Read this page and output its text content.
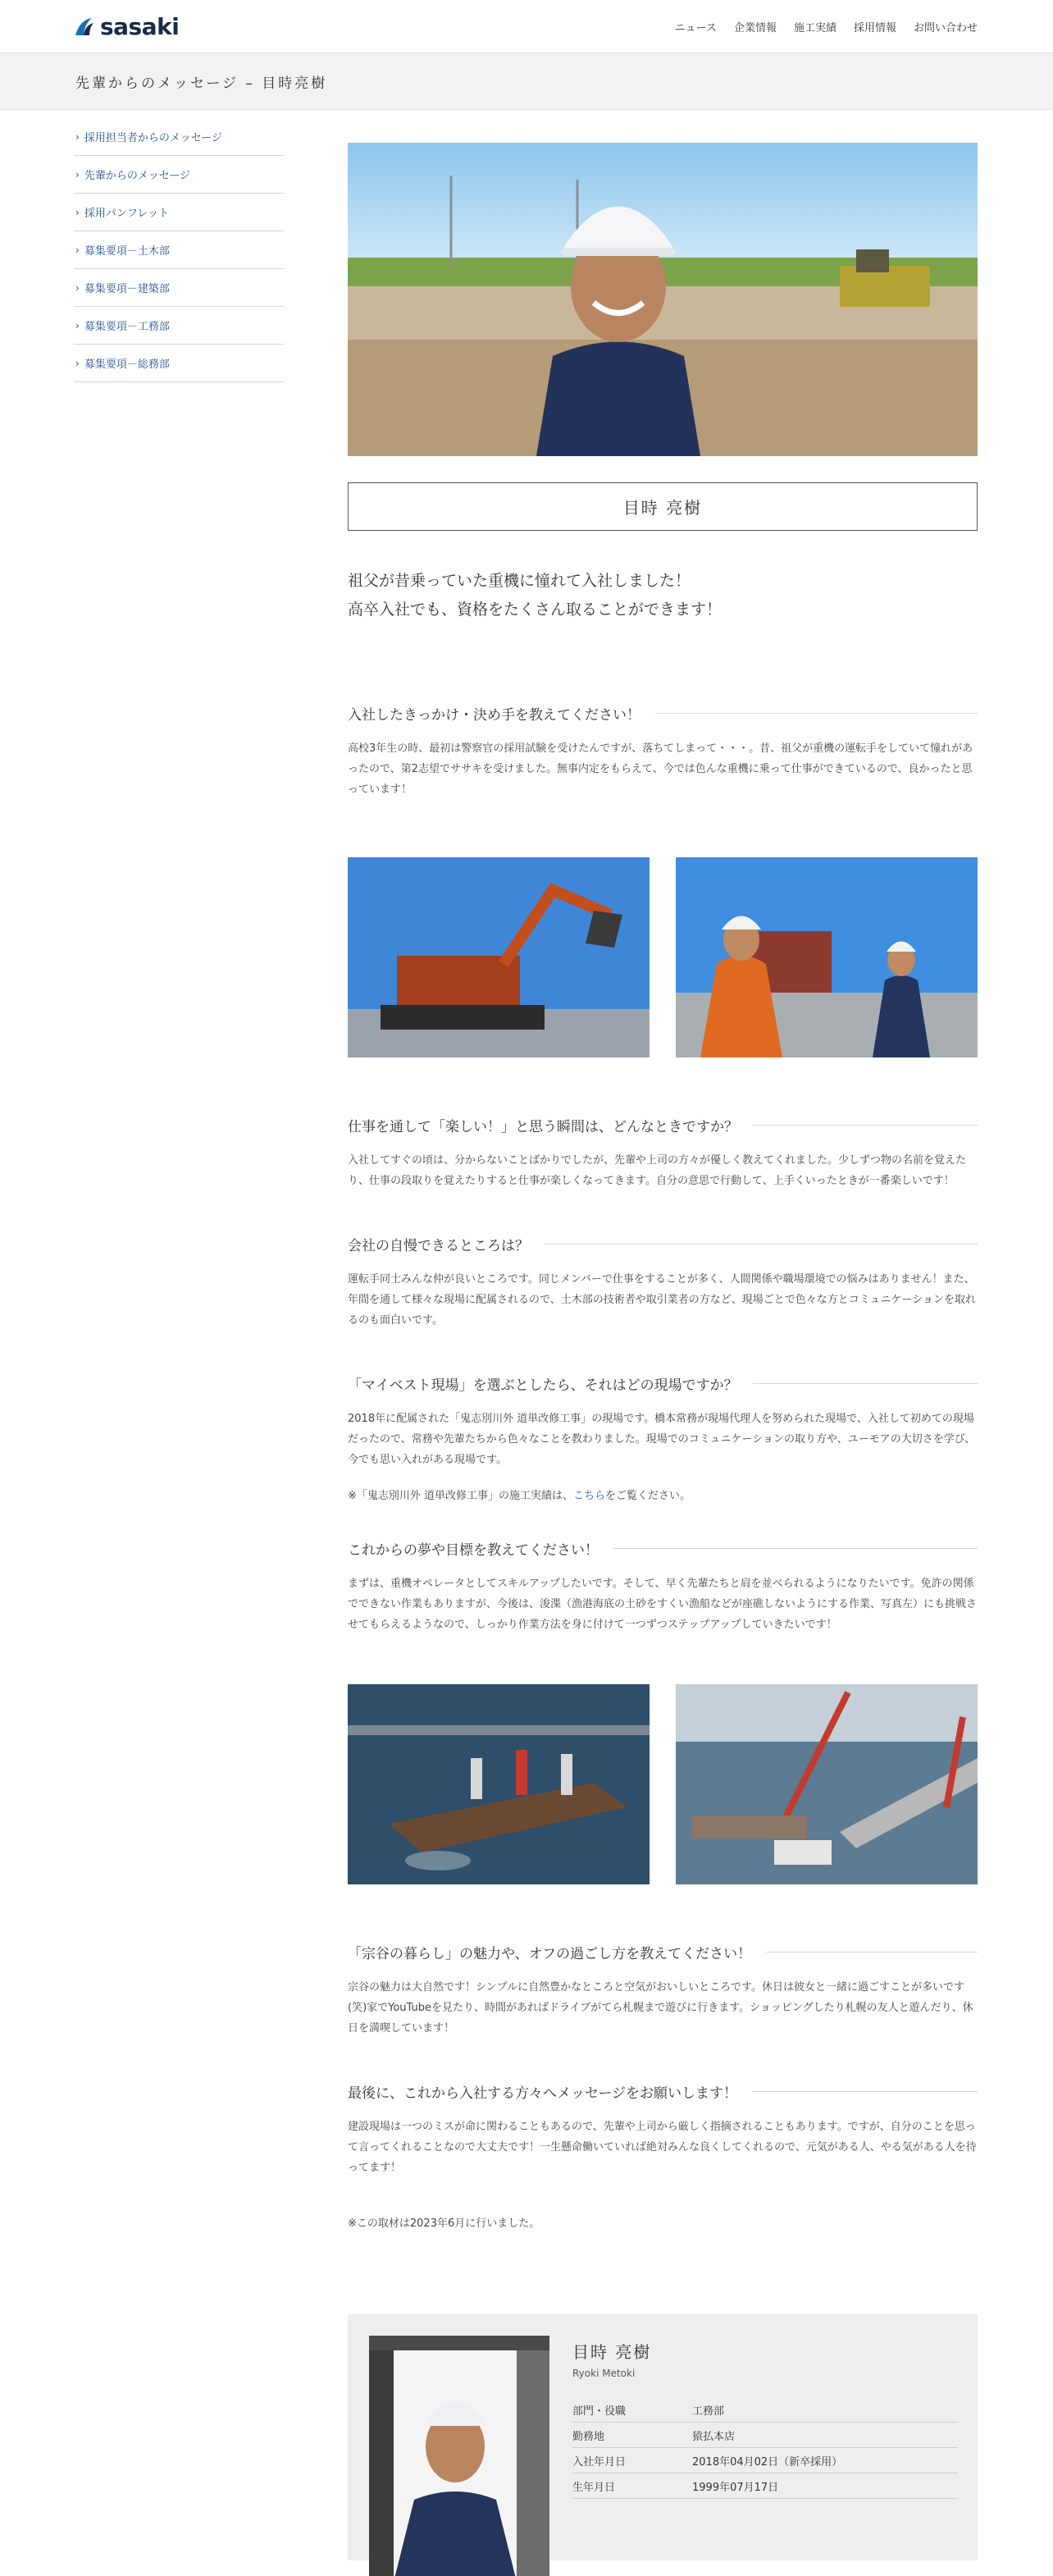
sasaki	ニュース 企業情報 施工実績 採用情報 お問い合わせ
先輩からのメッセージ – 目時亮樹
› 採用担当者からのメッセージ
› 先輩からのメッセージ
› 採用パンフレット
› 募集要項－土木部
› 募集要項－建築部
› 募集要項－工務部
› 募集要項－総務部
目時 亮樹
祖父が昔乗っていた重機に憧れて入社しました！
高卒入社でも、資格をたくさん取ることができます！
入社したきっかけ・決め手を教えてください！

高校3年生の時、最初は警察官の採用試験を受けたんですが、落ちてしまって・・・。昔、祖父が重機の運転手をしていて憧れがあったので、第2志望でササキを受けました。無事内定をもらえて、今では色んな重機に乗って仕事ができているので、良かったと思っています！

仕事を通して「楽しい！」と思う瞬間は、どんなときですか？

入社してすぐの頃は、分からないことばかりでしたが、先輩や上司の方々が優しく教えてくれました。少しずつ物の名前を覚えたり、仕事の段取りを覚えたりすると仕事が楽しくなってきます。自分の意思で行動して、上手くいったときが一番楽しいです！

会社の自慢できるところは？

運転手同士みんな仲が良いところです。同じメンバーで仕事をすることが多く、人間関係や職場環境での悩みはありません！また、年間を通して様々な現場に配属されるので、土木部の技術者や取引業者の方など、現場ごとで色々な方とコミュニケーションを取れるのも面白いです。

「マイベスト現場」を選ぶとしたら、それはどの現場ですか？

2018年に配属された「鬼志別川外 道単改修工事」の現場です。橋本常務が現場代理人を努められた現場で、入社して初めての現場だったので、常務や先輩たちから色々なことを教わりました。現場でのコミュニケーションの取り方や、ユーモアの大切さを学び、今でも思い入れがある現場です。

※「鬼志別川外 道単改修工事」の施工実績は、こちらをご覧ください。

これからの夢や目標を教えてください！

まずは、重機オペレータとしてスキルアップしたいです。そして、早く先輩たちと肩を並べられるようになりたいです。免許の関係でできない作業もありますが、今後は、浚渫（漁港海底の土砂をすくい漁船などが座礁しないようにする作業、写真左）にも挑戦させてもらえるようなので、しっかり作業方法を身に付けて一つずつステップアップしていきたいです！

「宗谷の暮らし」の魅力や、オフの過ごし方を教えてください！

宗谷の魅力は大自然です！シンプルに自然豊かなところと空気がおいしいところです。休日は彼女と一緒に過ごすことが多いです(笑)家でYouTubeを見たり、時間があればドライブがてら札幌まで遊びに行きます。ショッピングしたり札幌の友人と遊んだり、休日を満喫しています！

最後に、これから入社する方々へメッセージをお願いします！

建設現場は一つのミスが命に関わることもあるので、先輩や上司から厳しく指摘されることもあります。ですが、自分のことを思って言ってくれることなので大丈夫です！一生懸命働いていれば絶対みんな良くしてくれるので、元気がある人、やる気がある人を待ってます！

※この取材は2023年6月に行いました。

目時 亮樹
Ryoki Metoki
部門・役職	工務部
勤務地	猿払本店
入社年月日	2018年04月02日（新卒採用）
生年月日	1999年07月17日
